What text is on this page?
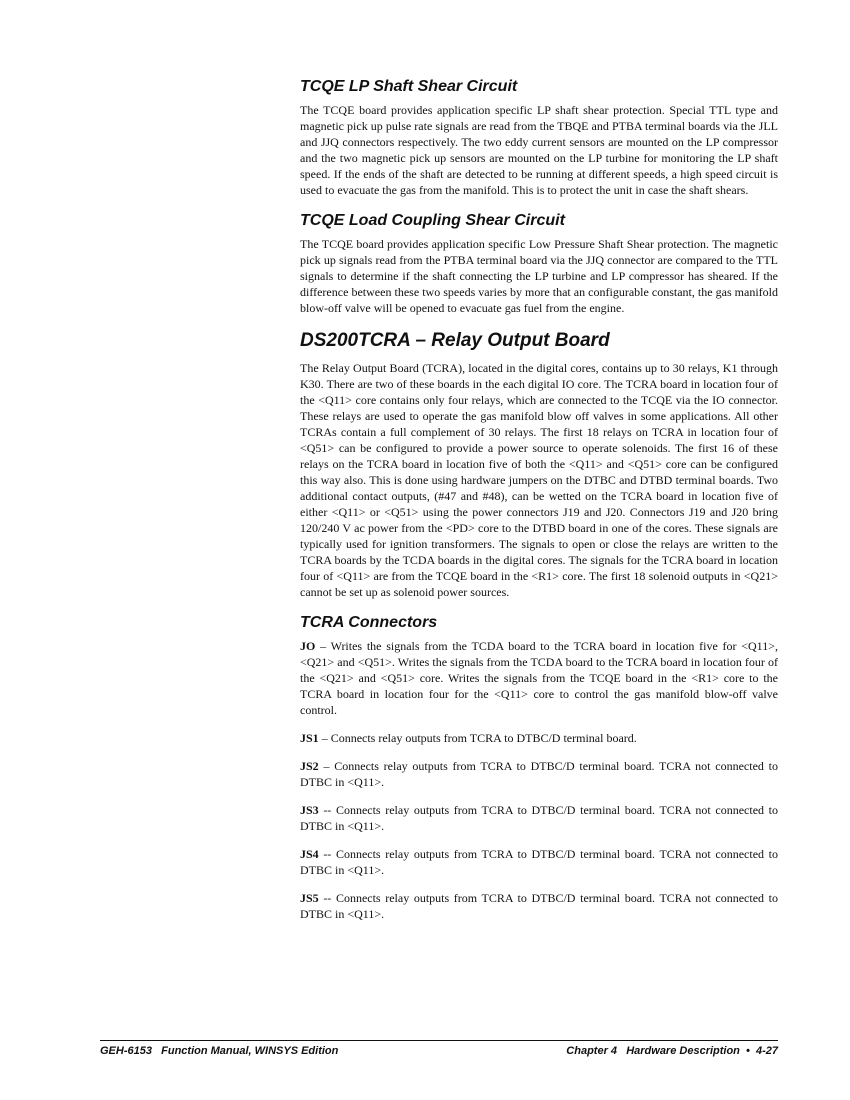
TCQE LP Shaft Shear Circuit

The TCQE board provides application specific LP shaft shear protection. Special TTL type and magnetic pick up pulse rate signals are read from the TBQE and PTBA terminal boards via the JLL and JJQ connectors respectively. The two eddy current sensors are mounted on the LP compressor and the two magnetic pick up sensors are mounted on the LP turbine for monitoring the LP shaft speed. If the ends of the shaft are detected to be running at different speeds, a high speed circuit is used to evacuate the gas from the manifold. This is to protect the unit in case the shaft shears.

TCQE Load Coupling Shear Circuit

The TCQE board provides application specific Low Pressure Shaft Shear protection. The magnetic pick up signals read from the PTBA terminal board via the JJQ connector are compared to the TTL signals to determine if the shaft connecting the LP turbine and LP compressor has sheared. If the difference between these two speeds varies by more that an configurable constant, the gas manifold blow-off valve will be opened to evacuate gas fuel from the engine.

DS200TCRA – Relay Output Board

The Relay Output Board (TCRA), located in the digital cores, contains up to 30 relays, K1 through K30. There are two of these boards in the each digital IO core. The TCRA board in location four of the <Q11> core contains only four relays, which are connected to the TCQE via the IO connector. These relays are used to operate the gas manifold blow off valves in some applications. All other TCRAs contain a full complement of 30 relays. The first 18 relays on TCRA in location four of <Q51> can be configured to provide a power source to operate solenoids. The first 16 of these relays on the TCRA board in location five of both the <Q11> and <Q51> core can be configured this way also. This is done using hardware jumpers on the DTBC and DTBD terminal boards. Two additional contact outputs, (#47 and #48), can be wetted on the TCRA board in location five of either <Q11> or <Q51> using the power connectors J19 and J20. Connectors J19 and J20 bring 120/240 V ac power from the <PD> core to the DTBD board in one of the cores. These signals are typically used for ignition transformers. The signals to open or close the relays are written to the TCRA boards by the TCDA boards in the digital cores. The signals for the TCRA board in location four of <Q11> are from the TCQE board in the <R1> core. The first 18 solenoid outputs in <Q21> cannot be set up as solenoid power sources.

TCRA Connectors

JO – Writes the signals from the TCDA board to the TCRA board in location five for <Q11>, <Q21> and <Q51>. Writes the signals from the TCDA board to the TCRA board in location four of the <Q21> and <Q51> core. Writes the signals from the TCQE board in the <R1> core to the TCRA board in location four for the <Q11> core to control the gas manifold blow-off valve control.

JS1 – Connects relay outputs from TCRA to DTBC/D terminal board.

JS2 – Connects relay outputs from TCRA to DTBC/D terminal board. TCRA not connected to DTBC in <Q11>.

JS3 -- Connects relay outputs from TCRA to DTBC/D terminal board. TCRA not connected to DTBC in <Q11>.

JS4 -- Connects relay outputs from TCRA to DTBC/D terminal board. TCRA not connected to DTBC in <Q11>.

JS5 -- Connects relay outputs from TCRA to DTBC/D terminal board. TCRA not connected to DTBC in <Q11>.

GEH-6153   Function Manual, WINSYS Edition	Chapter 4   Hardware Description  •  4-27
